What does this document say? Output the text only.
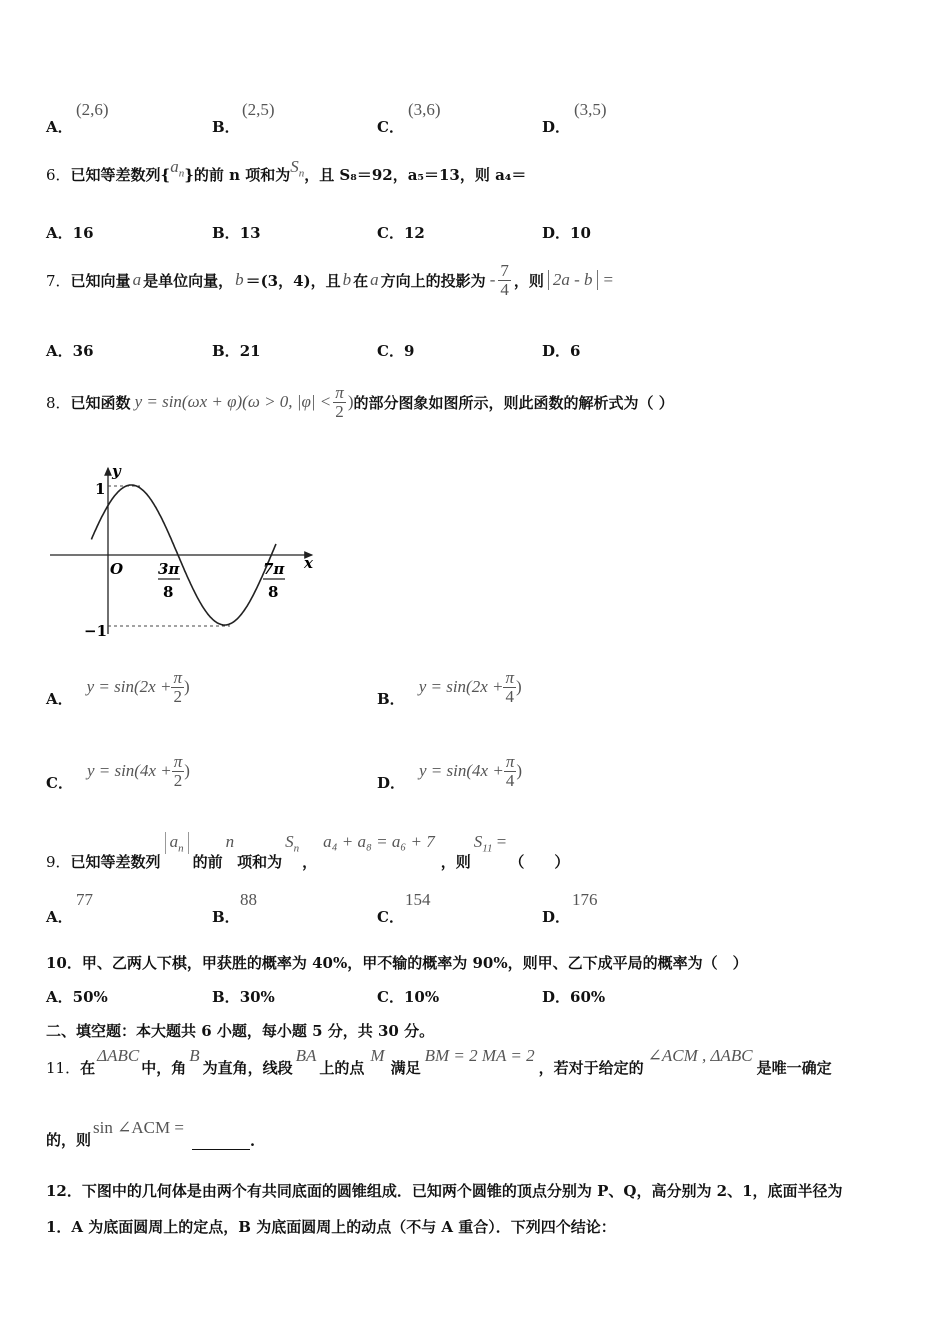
A．
(2,6)
B．
(2,5)
C．
(3,6)
D．
(3,5)
6．已知等差数列$\{a_n\}$的前 n 项和为$S_n$，且 S₈＝92，a₅＝13，则 a₄＝
A．16	B．13	C．12	D．10
7． 已知向量 a 是单位向量， b ＝(3，4)，且 b 在 a 方向上的投影为 - $\frac{7}{4}$ ，则 2a - b =
A．36	B．21	C．9	D．6
8． 已知函数 y = sin(ωx + φ)(ω > 0, $|\varphi| < \frac{\pi}{2}$ ) 的部分图象如图所示，则此函数的解析式为（ ）
y
x
O
1
−1
3π
8
7π
8
A．
$y = \sin(2x + \frac{\pi}{2}$ )
B．
$y = \sin(2x + \frac{\pi}{4}$ )
C．
$y = \sin(4x + \frac{\pi}{2}$ )
D．
$y = \sin(4x + \frac{\pi}{4}$ )
9． 已知等差数列
$a_n$
的前
n
项和为
$S_n$
，
a₄ + a₈ = a₆ + 7
，则
$S_{11}$ =
（　　）
A．
77
B．
88
C．
154
D．
176
10．甲、乙两人下棋，甲获胜的概率为 40%，甲不输的概率为 90%，则甲、乙下成平局的概率为（　）
A．50%	B．30%	C．10%	D．60%
二、填空题：本大题共 6 小题，每小题 5 分，共 30 分。
11． 在
ΔABC
中，角
B
为直角，线段
BA
上的点
M
满足
BM = 2 MA = 2
，若对于给定的
∠ACM , ΔABC
是唯一确定
的，则
sin ∠ACM =
.
12．下图中的几何体是由两个有共同底面的圆锥组成．已知两个圆锥的顶点分别为 P、Q，高分别为 2、1，底面半径为
1．A 为底面圆周上的定点，B 为底面圆周上的动点（不与 A 重合）．下列四个结论：
